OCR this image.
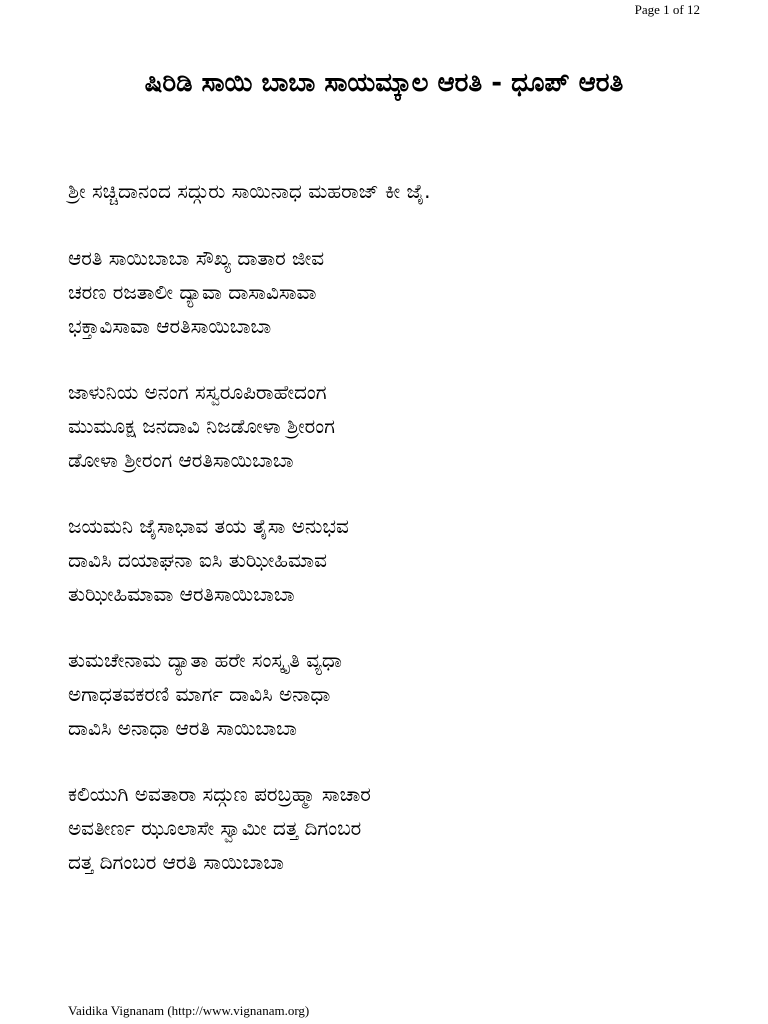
Page 1 of 12
ಷಿರಿಡಿ ಸಾಯಿ ಬಾಬಾ ಸಾಯಮ್ಕಾಲ ಆರತಿ - ಧೂಪ್ ಆರತಿ
ಶ್ರೀ ಸಚ್ಚಿದಾನಂದ ಸದ್ಗುರು ಸಾಯಿನಾಧ ಮಹರಾಜ್ ಕೀ ಜೈ.
ಆರತಿ ಸಾಯಿಬಾಬಾ ಸೌಖ್ಯ ದಾತಾರ ಜೀವ
ಚರಣ ರಜತಾಲೀ ದ್ಯಾವಾ ದಾಸಾವಿಸಾವಾ
ಭಕ್ತಾವಿಸಾವಾ ಆರತಿಸಾಯಿಬಾಬಾ
ಜಾಳುನಿಯ ಅನಂಗ ಸಸ್ವರೂಪಿರಾಹೇದಂಗ
ಮುಮೂಕ್ಷ ಜನದಾವಿ ನಿಜಡೋಳಾ ಶ್ರೀರಂಗ
ಡೋಳಾ ಶ್ರೀರಂಗ ಆರತಿಸಾಯಿಬಾಬಾ
ಜಯಮನಿ ಜೈಸಾಭಾವ ತಯ ತೈಸಾ ಅನುಭವ
ದಾವಿಸಿ ದಯಾಘನಾ ಐಸಿ ತುಝೀಹಿಮಾವ
ತುಝೀಹಿಮಾವಾ ಆರತಿಸಾಯಿಬಾಬಾ
ತುಮಚೇನಾಮ ದ್ಯಾತಾ ಹರೇ ಸಂಸ್ಕೃತಿ ವ್ಯಧಾ
ಅಗಾಧತವಕರಣಿ ಮಾರ್ಗ ದಾವಿಸಿ ಅನಾಧಾ
ದಾವಿಸಿ ಅನಾಧಾ ಆರತಿ ಸಾಯಿಬಾಬಾ
ಕಲಿಯುಗಿ ಅವತಾರಾ ಸದ್ಗುಣ ಪರಬ್ರಹ್ಮಾ ಸಾಚಾರ
ಅವತೀರ್ಣ ಝೂಲಾಸೇ ಸ್ವಾಮೀ ದತ್ತ ದಿಗಂಬರ
ದತ್ತ ದಿಗಂಬರ ಆರತಿ ಸಾಯಿಬಾಬಾ
Vaidika Vignanam (http://www.vignanam.org)
